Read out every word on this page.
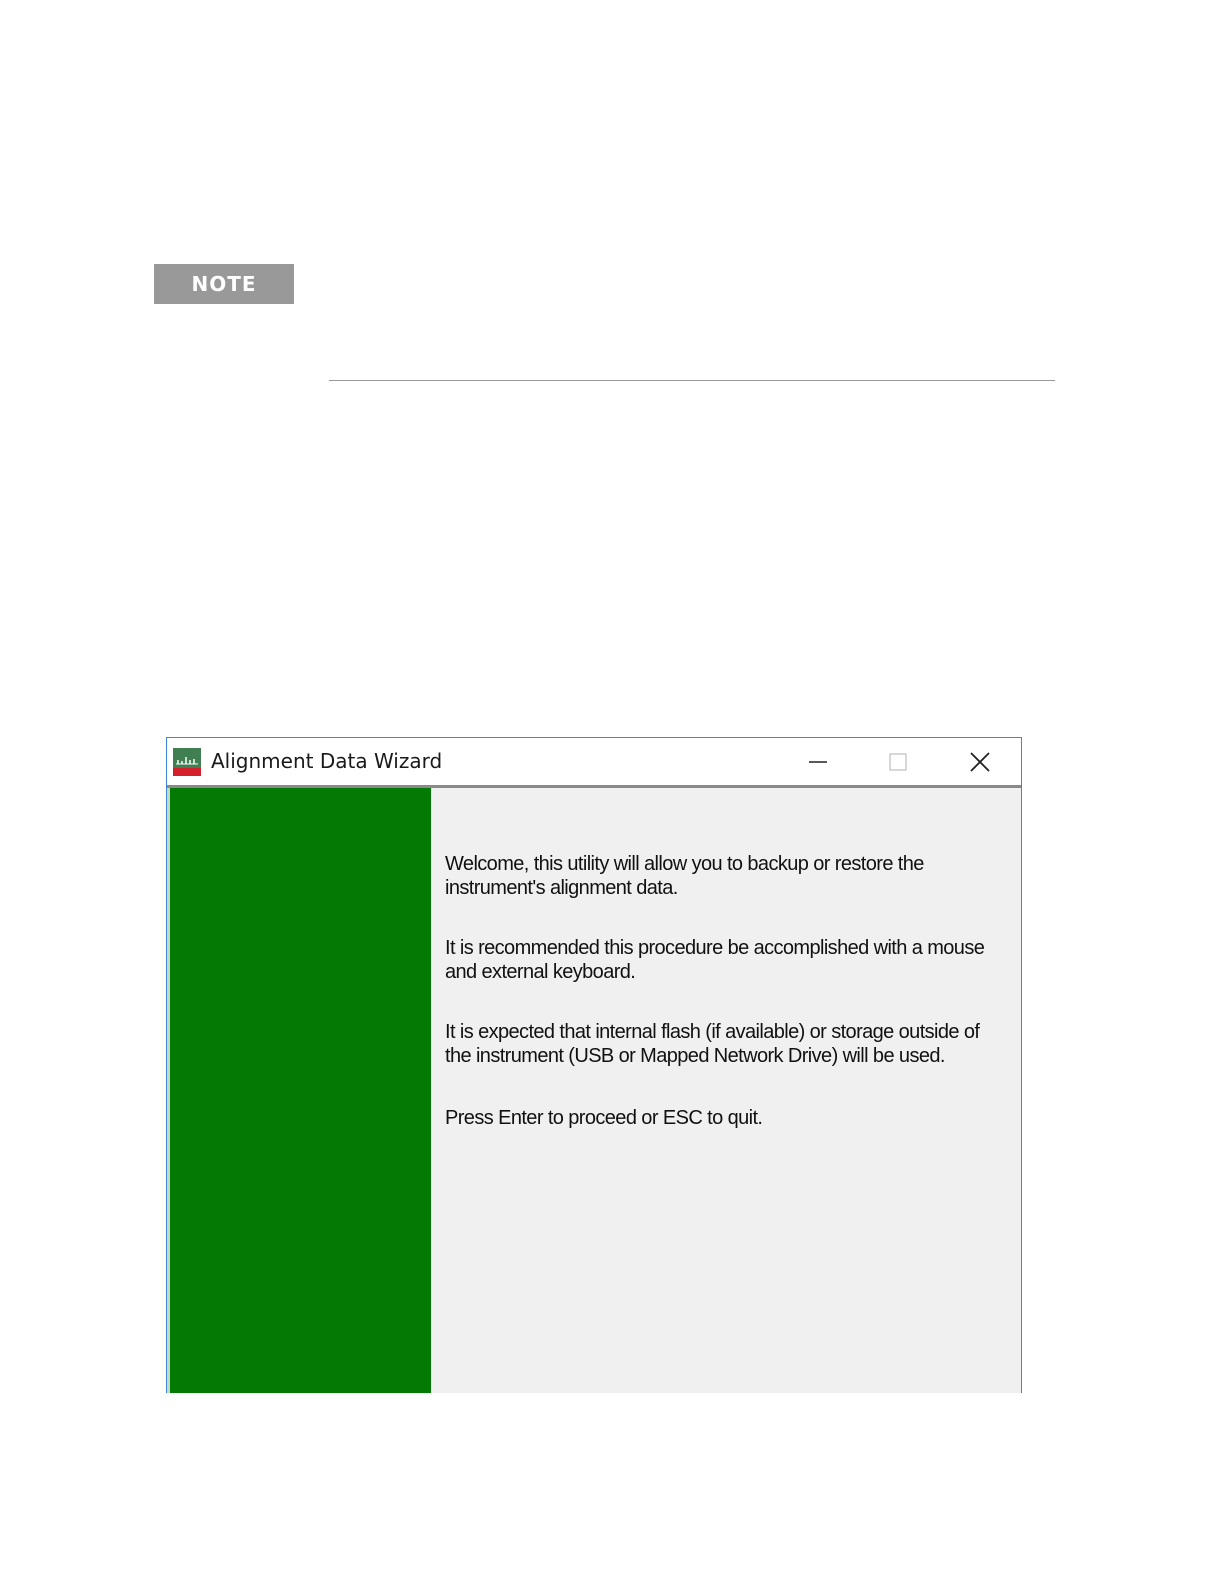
NOTE
Alignment Data Wizard

Welcome, this utility will allow you to backup or restore the instrument's alignment data.

It is recommended this procedure be accomplished with a mouse and external keyboard.

It is expected that internal flash (if available) or storage outside of the instrument (USB or Mapped Network Drive) will be used.

Press Enter to proceed or ESC to quit.
